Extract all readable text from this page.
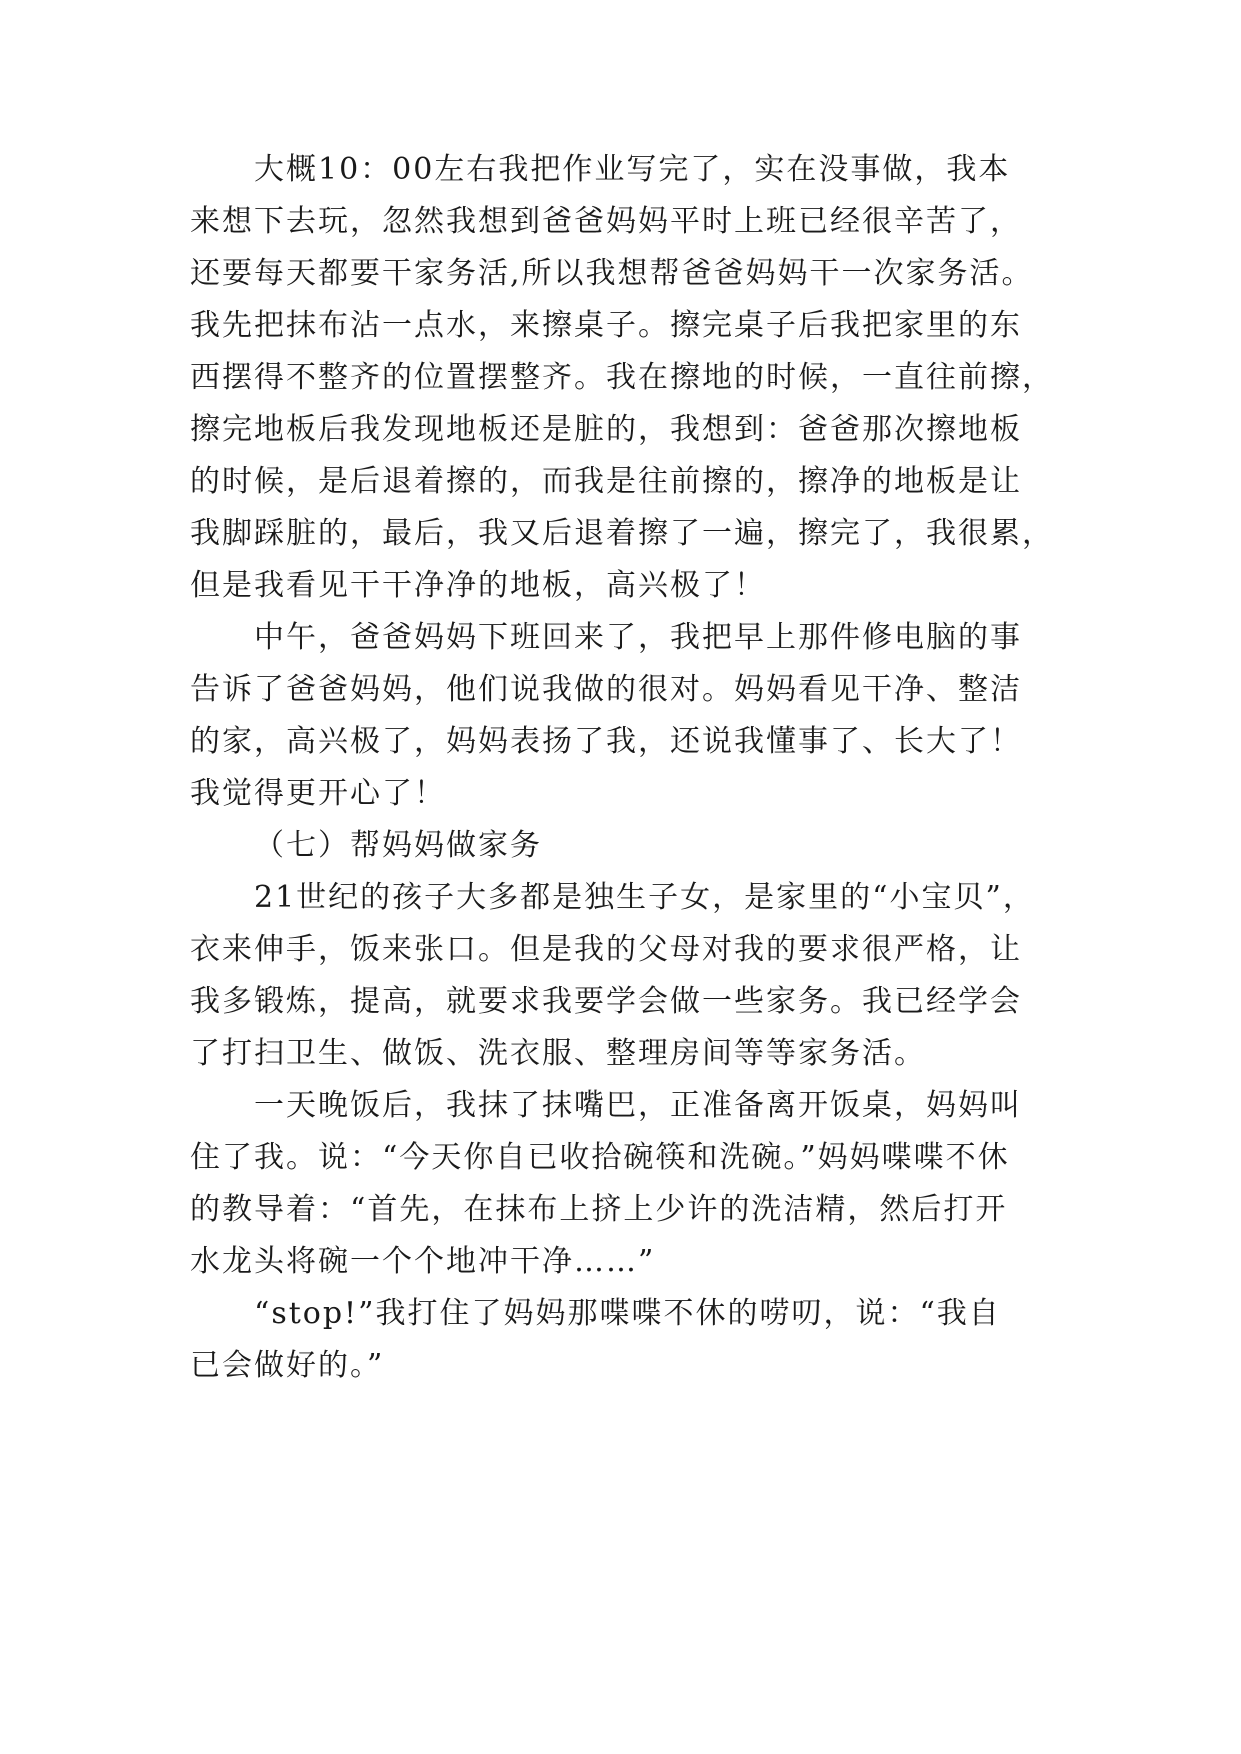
大概10：00左右我把作业写完了，实在没事做，我本
来想下去玩，忽然我想到爸爸妈妈平时上班已经很辛苦了，
还要每天都要干家务活,所以我想帮爸爸妈妈干一次家务活。
我先把抹布沾一点水，来擦桌子。擦完桌子后我把家里的东
西摆得不整齐的位置摆整齐。我在擦地的时候，一直往前擦，
擦完地板后我发现地板还是脏的，我想到：爸爸那次擦地板
的时候，是后退着擦的，而我是往前擦的，擦净的地板是让
我脚踩脏的，最后，我又后退着擦了一遍，擦完了，我很累，
但是我看见干干净净的地板，高兴极了！
中午，爸爸妈妈下班回来了，我把早上那件修电脑的事
告诉了爸爸妈妈，他们说我做的很对。妈妈看见干净、整洁
的家，高兴极了，妈妈表扬了我，还说我懂事了、长大了！
我觉得更开心了！
（七）帮妈妈做家务
21世纪的孩子大多都是独生子女，是家里的“小宝贝”，
衣来伸手，饭来张口。但是我的父母对我的要求很严格，让
我多锻炼，提高，就要求我要学会做一些家务。我已经学会
了打扫卫生、做饭、洗衣服、整理房间等等家务活。
一天晚饭后，我抹了抹嘴巴，正准备离开饭桌，妈妈叫
住了我。说：“今天你自已收拾碗筷和洗碗。”妈妈喋喋不休
的教导着：“首先，在抹布上挤上少许的洗洁精，然后打开
水龙头将碗一个个地冲干净……”
“stop!”我打住了妈妈那喋喋不休的唠叨，说：“我自
已会做好的。”
